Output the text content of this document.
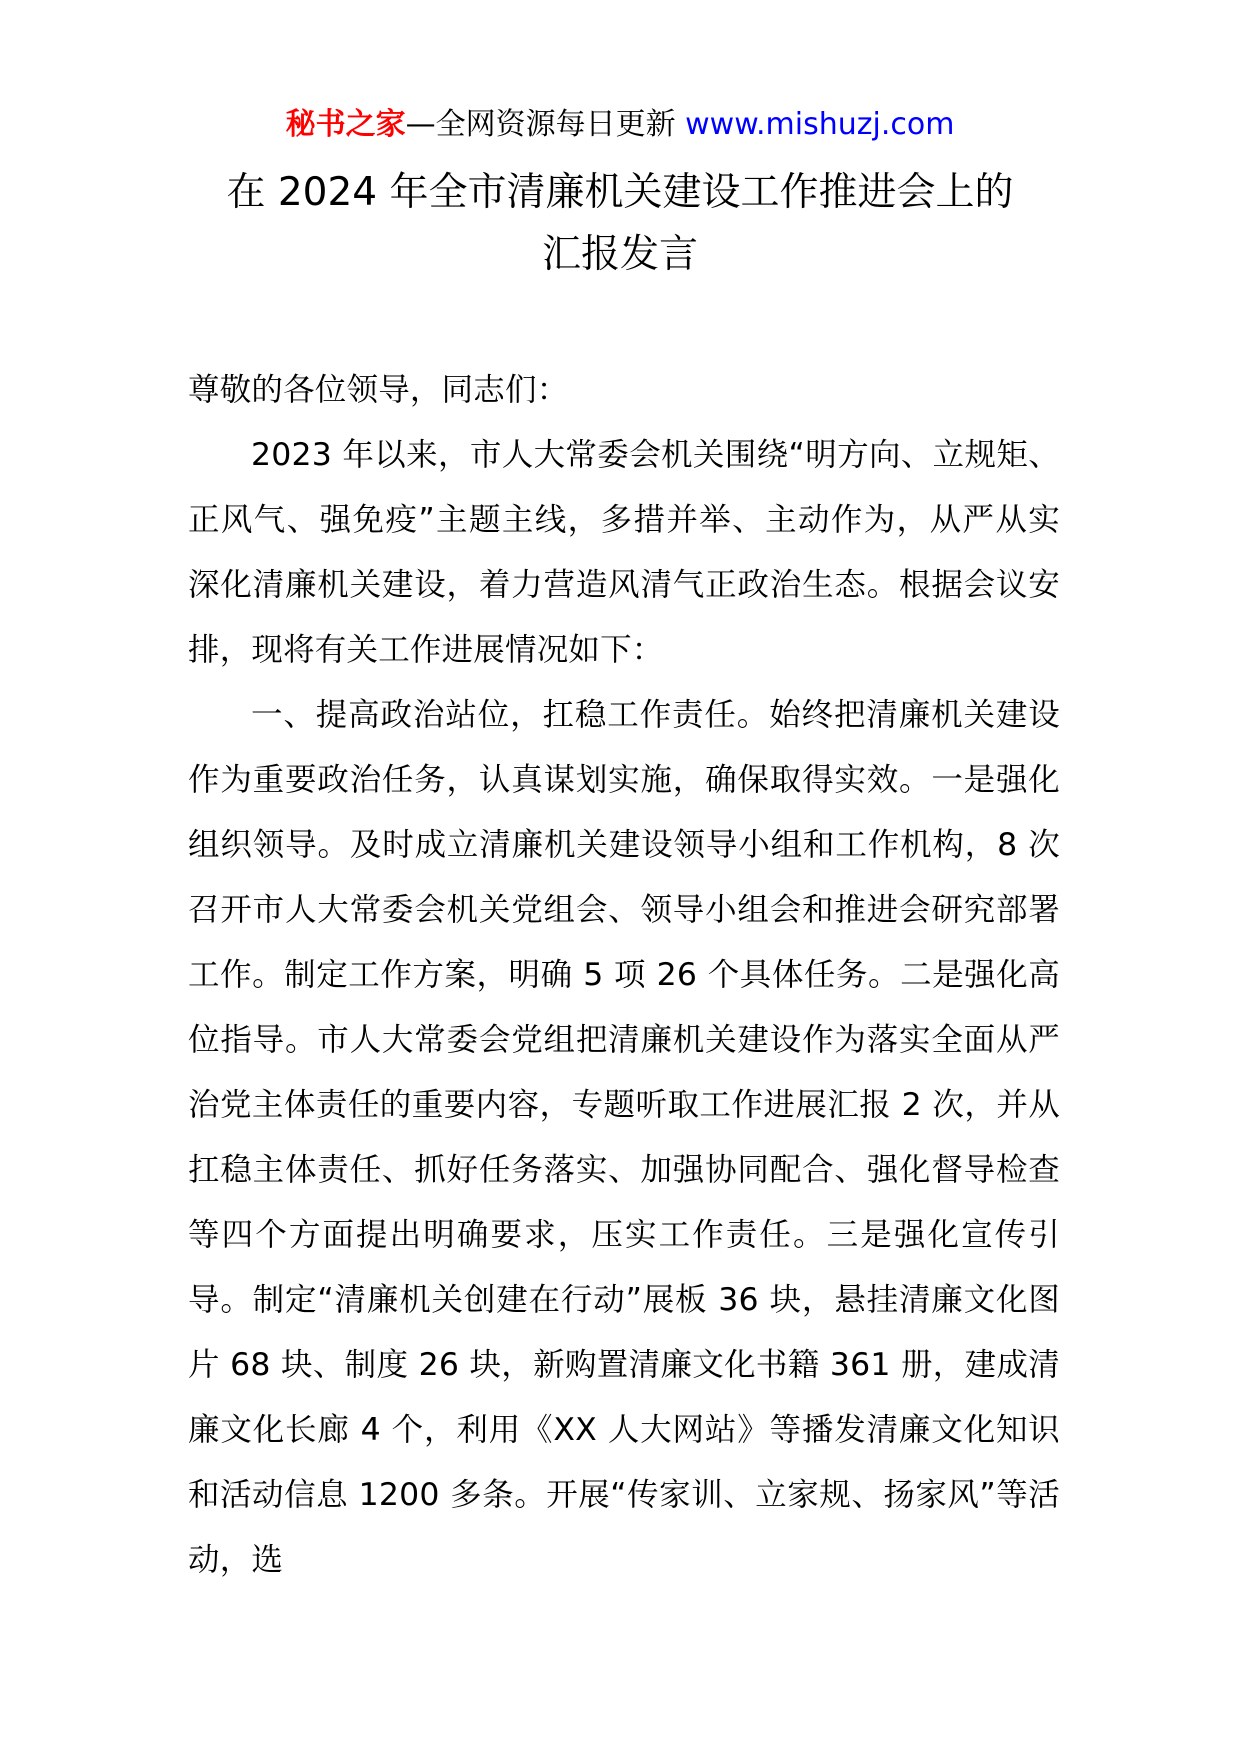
秘书之家—全网资源每日更新 www.mishuzj.com
在 2024 年全市清廉机关建设工作推进会上的
汇报发言

尊敬的各位领导，同志们：

2023 年以来，市人大常委会机关围绕“明方向、立规矩、正风气、强免疫”主题主线，多措并举、主动作为，从严从实深化清廉机关建设，着力营造风清气正政治生态。根据会议安排，现将有关工作进展情况如下：

一、提高政治站位，扛稳工作责任。始终把清廉机关建设作为重要政治任务，认真谋划实施，确保取得实效。一是强化组织领导。及时成立清廉机关建设领导小组和工作机构，8 次召开市人大常委会机关党组会、领导小组会和推进会研究部署工作。制定工作方案，明确 5 项 26 个具体任务。二是强化高位指导。市人大常委会党组把清廉机关建设作为落实全面从严治党主体责任的重要内容，专题听取工作进展汇报 2 次，并从扛稳主体责任、抓好任务落实、加强协同配合、强化督导检查等四个方面提出明确要求，压实工作责任。三是强化宣传引导。制定“清廉机关创建在行动”展板 36 块，悬挂清廉文化图片 68 块、制度 26 块，新购置清廉文化书籍 361 册，建成清廉文化长廊 4 个，利用《XX 人大网站》等播发清廉文化知识和活动信息 1200 多条。开展“传家训、立家规、扬家风”等活动，选
